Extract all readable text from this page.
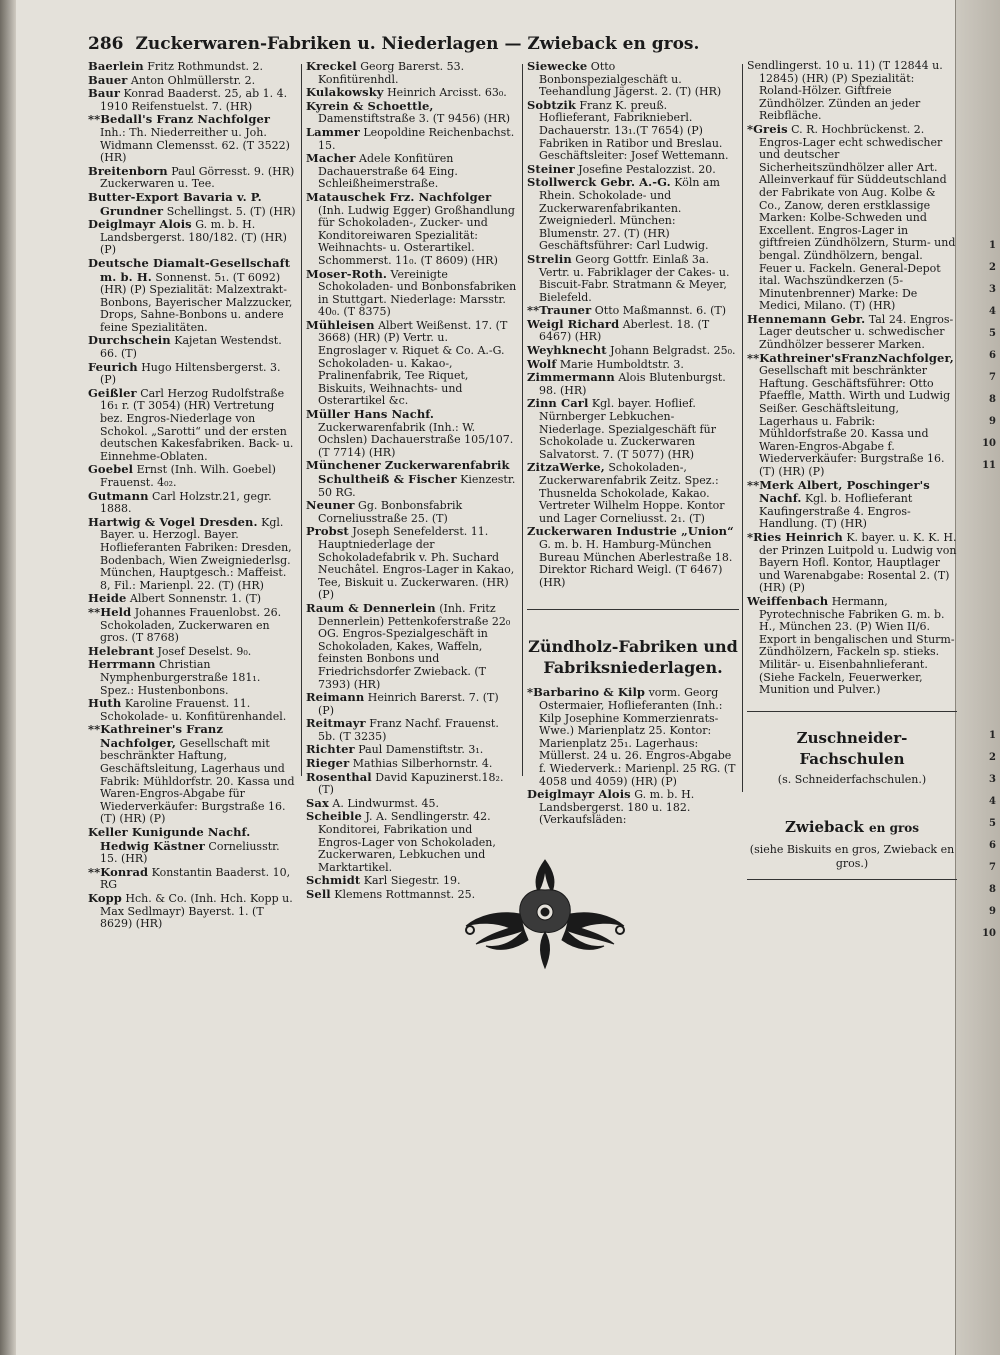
1
2
3
4
5
6
7
8
9
10
11
1
2
3
4
5
6
7
8
9
10
286 Zuckerwaren-Fabriken u. Niederlagen — Zwieback en gros.
Baerlein Fritz Rothmundst. 2.
Bauer Anton Ohlmüllerstr. 2.
Baur Konrad Baaderst. 25, ab 1. 4. 1910 Reifenstuelst. 7. (HR)
**Bedall's Franz Nachfolger Inh.: Th. Niederreither u. Joh. Widmann Clemensst. 62. (T 3522) (HR)
Breitenborn Paul Görresst. 9. (HR) Zuckerwaren u. Tee.
Butter-Export Bavaria v. P. Grundner Schellingst. 5. (T) (HR)
Deiglmayr Alois G. m. b. H. Landsbergerst. 180/182. (T) (HR) (P)
Deutsche Diamalt-Gesellschaft m. b. H. Sonnenst. 5₁. (T 6092) (HR) (P) Spezialität: Malzextrakt-Bonbons, Bayerischer Malzzucker, Drops, Sahne-Bonbons u. andere feine Spezialitäten.
Durchschein Kajetan Westendst. 66. (T)
Feurich Hugo Hiltensbergerst. 3. (P)
Geißler Carl Herzog Rudolfstraße 16₁ r. (T 3054) (HR) Vertretung bez. Engros-Niederlage von Schokol. „Sarotti“ und der ersten deutschen Kakesfabriken. Back- u. Einnehme-Oblaten.
Goebel Ernst (Inh. Wilh. Goebel) Frauenst. 4₀₂.
Gutmann Carl Holzstr.21, gegr. 1888.
Hartwig & Vogel Dresden. Kgl. Bayer. u. Herzogl. Bayer. Hoflieferanten Fabriken: Dresden, Bodenbach, Wien Zweigniederlsg. München, Hauptgesch.: Maffeist. 8, Fil.: Marienpl. 22. (T) (HR)
Heide Albert Sonnenstr. 1. (T)
**Held Johannes Frauenlobst. 26. Schokoladen, Zuckerwaren en gros. (T 8768)
Helebrant Josef Deselst. 9₀.
Herrmann Christian Nymphenburgerstraße 181₁. Spez.: Hustenbonbons.
Huth Karoline Frauenst. 11. Schokolade- u. Konfitürenhandel.
**Kathreiner's Franz Nachfolger, Gesellschaft mit beschränkter Haftung, Geschäftsleitung, Lagerhaus und Fabrik: Mühldorfstr. 20. Kassa und Waren-Engros-Abgabe für Wiederverkäufer: Burgstraße 16. (T) (HR) (P)
Keller Kunigunde Nachf. Hedwig Kästner Corneliusstr. 15. (HR)
**Konrad Konstantin Baaderst. 10, RG
Kopp Hch. & Co. (Inh. Hch. Kopp u. Max Sedlmayr) Bayerst. 1. (T 8629) (HR)
Kreckel Georg Barerst. 53. Konfitürenhdl.
Kulakowsky Heinrich Arcisst. 63₀.
Kyrein & Schoettle, Damenstiftstraße 3. (T 9456) (HR)
Lammer Leopoldine Reichenbachst. 15.
Macher Adele Konfitüren Dachauerstraße 64 Eing. Schleißheimerstraße.
Matauschek Frz. Nachfolger (Inh. Ludwig Egger) Großhandlung für Schokoladen-, Zucker- und Konditoreiwaren Spezialität: Weihnachts- u. Osterartikel. Schommerst. 11₀. (T 8609) (HR)
Moser-Roth. Vereinigte Schokoladen- und Bonbonsfabriken in Stuttgart. Niederlage: Marsstr. 40₀. (T 8375)
Mühleisen Albert Weißenst. 17. (T 3668) (HR) (P) Vertr. u. Engroslager v. Riquet & Co. A.-G. Schokoladen- u. Kakao-, Pralinenfabrik, Tee Riquet, Biskuits, Weihnachts- und Osterartikel &c.
Müller Hans Nachf. Zuckerwarenfabrik (Inh.: W. Ochslen) Dachauerstraße 105/107. (T 7714) (HR)
Münchener Zuckerwarenfabrik Schultheiß & Fischer Kienzestr. 50 RG.
Neuner Gg. Bonbonsfabrik Corneliusstraße 25. (T)
Probst Joseph Senefelderst. 11. Hauptniederlage der Schokoladefabrik v. Ph. Suchard Neuchâtel. Engros-Lager in Kakao, Tee, Biskuit u. Zuckerwaren. (HR) (P)
Raum & Dennerlein (Inh. Fritz Dennerlein) Pettenkoferstraße 22₀ OG. Engros-Spezialgeschäft in Schokoladen, Kakes, Waffeln, feinsten Bonbons und Friedrichsdorfer Zwieback. (T 7393) (HR)
Reimann Heinrich Barerst. 7. (T) (P)
Reitmayr Franz Nachf. Frauenst. 5b. (T 3235)
Richter Paul Damenstiftstr. 3₁.
Rieger Mathias Silberhornstr. 4.
Rosenthal David Kapuzinerst.18₂. (T)
Sax A. Lindwurmst. 45.
Scheible J. A. Sendlingerstr. 42. Konditorei, Fabrikation und Engros-Lager von Schokoladen, Zuckerwaren, Lebkuchen und Marktartikel.
Schmidt Karl Siegestr. 19.
Sell Klemens Rottmannst. 25.
Siewecke Otto Bonbonspezialgeschäft u. Teehandlung Jägerst. 2. (T) (HR)
Sobtzik Franz K. preuß. Hoflieferant, Fabriknieberl. Dachauerstr. 13₁.(T 7654) (P) Fabriken in Ratibor und Breslau. Geschäftsleiter: Josef Wettemann.
Steiner Josefine Pestalozzist. 20.
Stollwerck Gebr. A.-G. Köln am Rhein. Schokolade- und Zuckerwarenfabrikanten. Zweigniederl. München: Blumenstr. 27. (T) (HR) Geschäftsführer: Carl Ludwig.
Strelin Georg Gottfr. Einlaß 3a. Vertr. u. Fabriklager der Cakes- u. Biscuit-Fabr. Stratmann & Meyer, Bielefeld.
**Trauner Otto Maßmannst. 6. (T)
Weigl Richard Aberlest. 18. (T 6467) (HR)
Weyhknecht Johann Belgradst. 25₀.
Wolf Marie Humboldtstr. 3.
Zimmermann Alois Blutenburgst. 98. (HR)
Zinn Carl Kgl. bayer. Hoflief. Nürnberger Lebkuchen-Niederlage. Spezialgeschäft für Schokolade u. Zuckerwaren Salvatorst. 7. (T 5077) (HR)
ZitzaWerke, Schokoladen-, Zuckerwarenfabrik Zeitz. Spez.: Thusnelda Schokolade, Kakao. Vertreter Wilhelm Hoppe. Kontor und Lager Corneliusst. 2₁. (T)
Zuckerwaren Industrie „Union“ G. m. b. H. Hamburg-München Bureau München Aberlestraße 18. Direktor Richard Weigl. (T 6467) (HR)

Zündholz-Fabriken und

Fabriksniederlagen.

*Barbarino & Kilp vorm. Georg Ostermaier, Hoflieferanten (Inh.: Kilp Josephine Kommerzienrats-Wwe.) Marienplatz 25. Kontor: Marienplatz 25₁. Lagerhaus: Müllerst. 24 u. 26. Engros-Abgabe f. Wiederverk.: Marienpl. 25 RG. (T 4058 und 4059) (HR) (P)
Deiglmayr Alois G. m. b. H. Landsbergerst. 180 u. 182. (Verkaufsläden:
Sendlingerst. 10 u. 11) (T 12844 u. 12845) (HR) (P) Spezialität: Roland-Hölzer. Giftfreie Zündhölzer. Zünden an jeder Reibfläche.
*Greis C. R. Hochbrückenst. 2. Engros-Lager echt schwedischer und deutscher Sicherheitszündhölzer aller Art. Alleinverkauf für Süddeutschland der Fabrikate von Aug. Kolbe & Co., Zanow, deren erstklassige Marken: Kolbe-Schweden und Excellent. Engros-Lager in giftfreien Zündhölzern, Sturm- und bengal. Zündhölzern, bengal. Feuer u. Fackeln. General-Depot ital. Wachszündkerzen (5-Minutenbrenner) Marke: De Medici, Milano. (T) (HR)
Hennemann Gebr. Tal 24. Engros-Lager deutscher u. schwedischer Zündhölzer besserer Marken.
**Kathreiner'sFranzNachfolger, Gesellschaft mit beschränkter Haftung. Geschäftsführer: Otto Pfaeffle, Matth. Wirth und Ludwig Seißer. Geschäftsleitung, Lagerhaus u. Fabrik: Mühldorfstraße 20. Kassa und Waren-Engros-Abgabe f. Wiederverkäufer: Burgstraße 16. (T) (HR) (P)
**Merk Albert, Poschinger's Nachf. Kgl. b. Hoflieferant Kaufingerstraße 4. Engros-Handlung. (T) (HR)
*Ries Heinrich K. bayer. u. K. K. H. der Prinzen Luitpold u. Ludwig von Bayern Hofl. Kontor, Hauptlager und Warenabgabe: Rosental 2. (T) (HR) (P)
Weiffenbach Hermann, Pyrotechnische Fabriken G. m. b. H., München 23. (P) Wien II/6. Export in bengalischen und Sturm-Zündhölzern, Fackeln sp. stieks. Militär- u. Eisenbahnlieferant. (Siehe Fackeln, Feuerwerker, Munition und Pulver.)

Zuschneider-Fachschulen

(s. Schneiderfachschulen.)

Zwieback en gros

(siehe Biskuits en gros, Zwieback en gros.)
